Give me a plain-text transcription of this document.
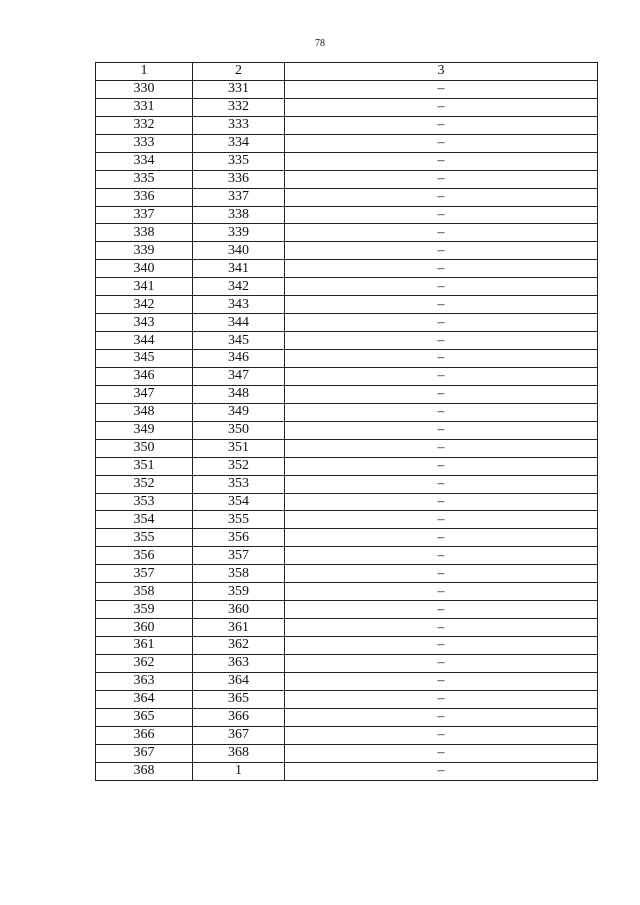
78
1	2	3
330	331	–
331	332	–
332	333	–
333	334	–
334	335	–
335	336	–
336	337	–
337	338	–
338	339	–
339	340	–
340	341	–
341	342	–
342	343	–
343	344	–
344	345	–
345	346	–
346	347	–
347	348	–
348	349	–
349	350	–
350	351	–
351	352	–
352	353	–
353	354	–
354	355	–
355	356	–
356	357	–
357	358	–
358	359	–
359	360	–
360	361	–
361	362	–
362	363	–
363	364	–
364	365	–
365	366	–
366	367	–
367	368	–
368	1	–
